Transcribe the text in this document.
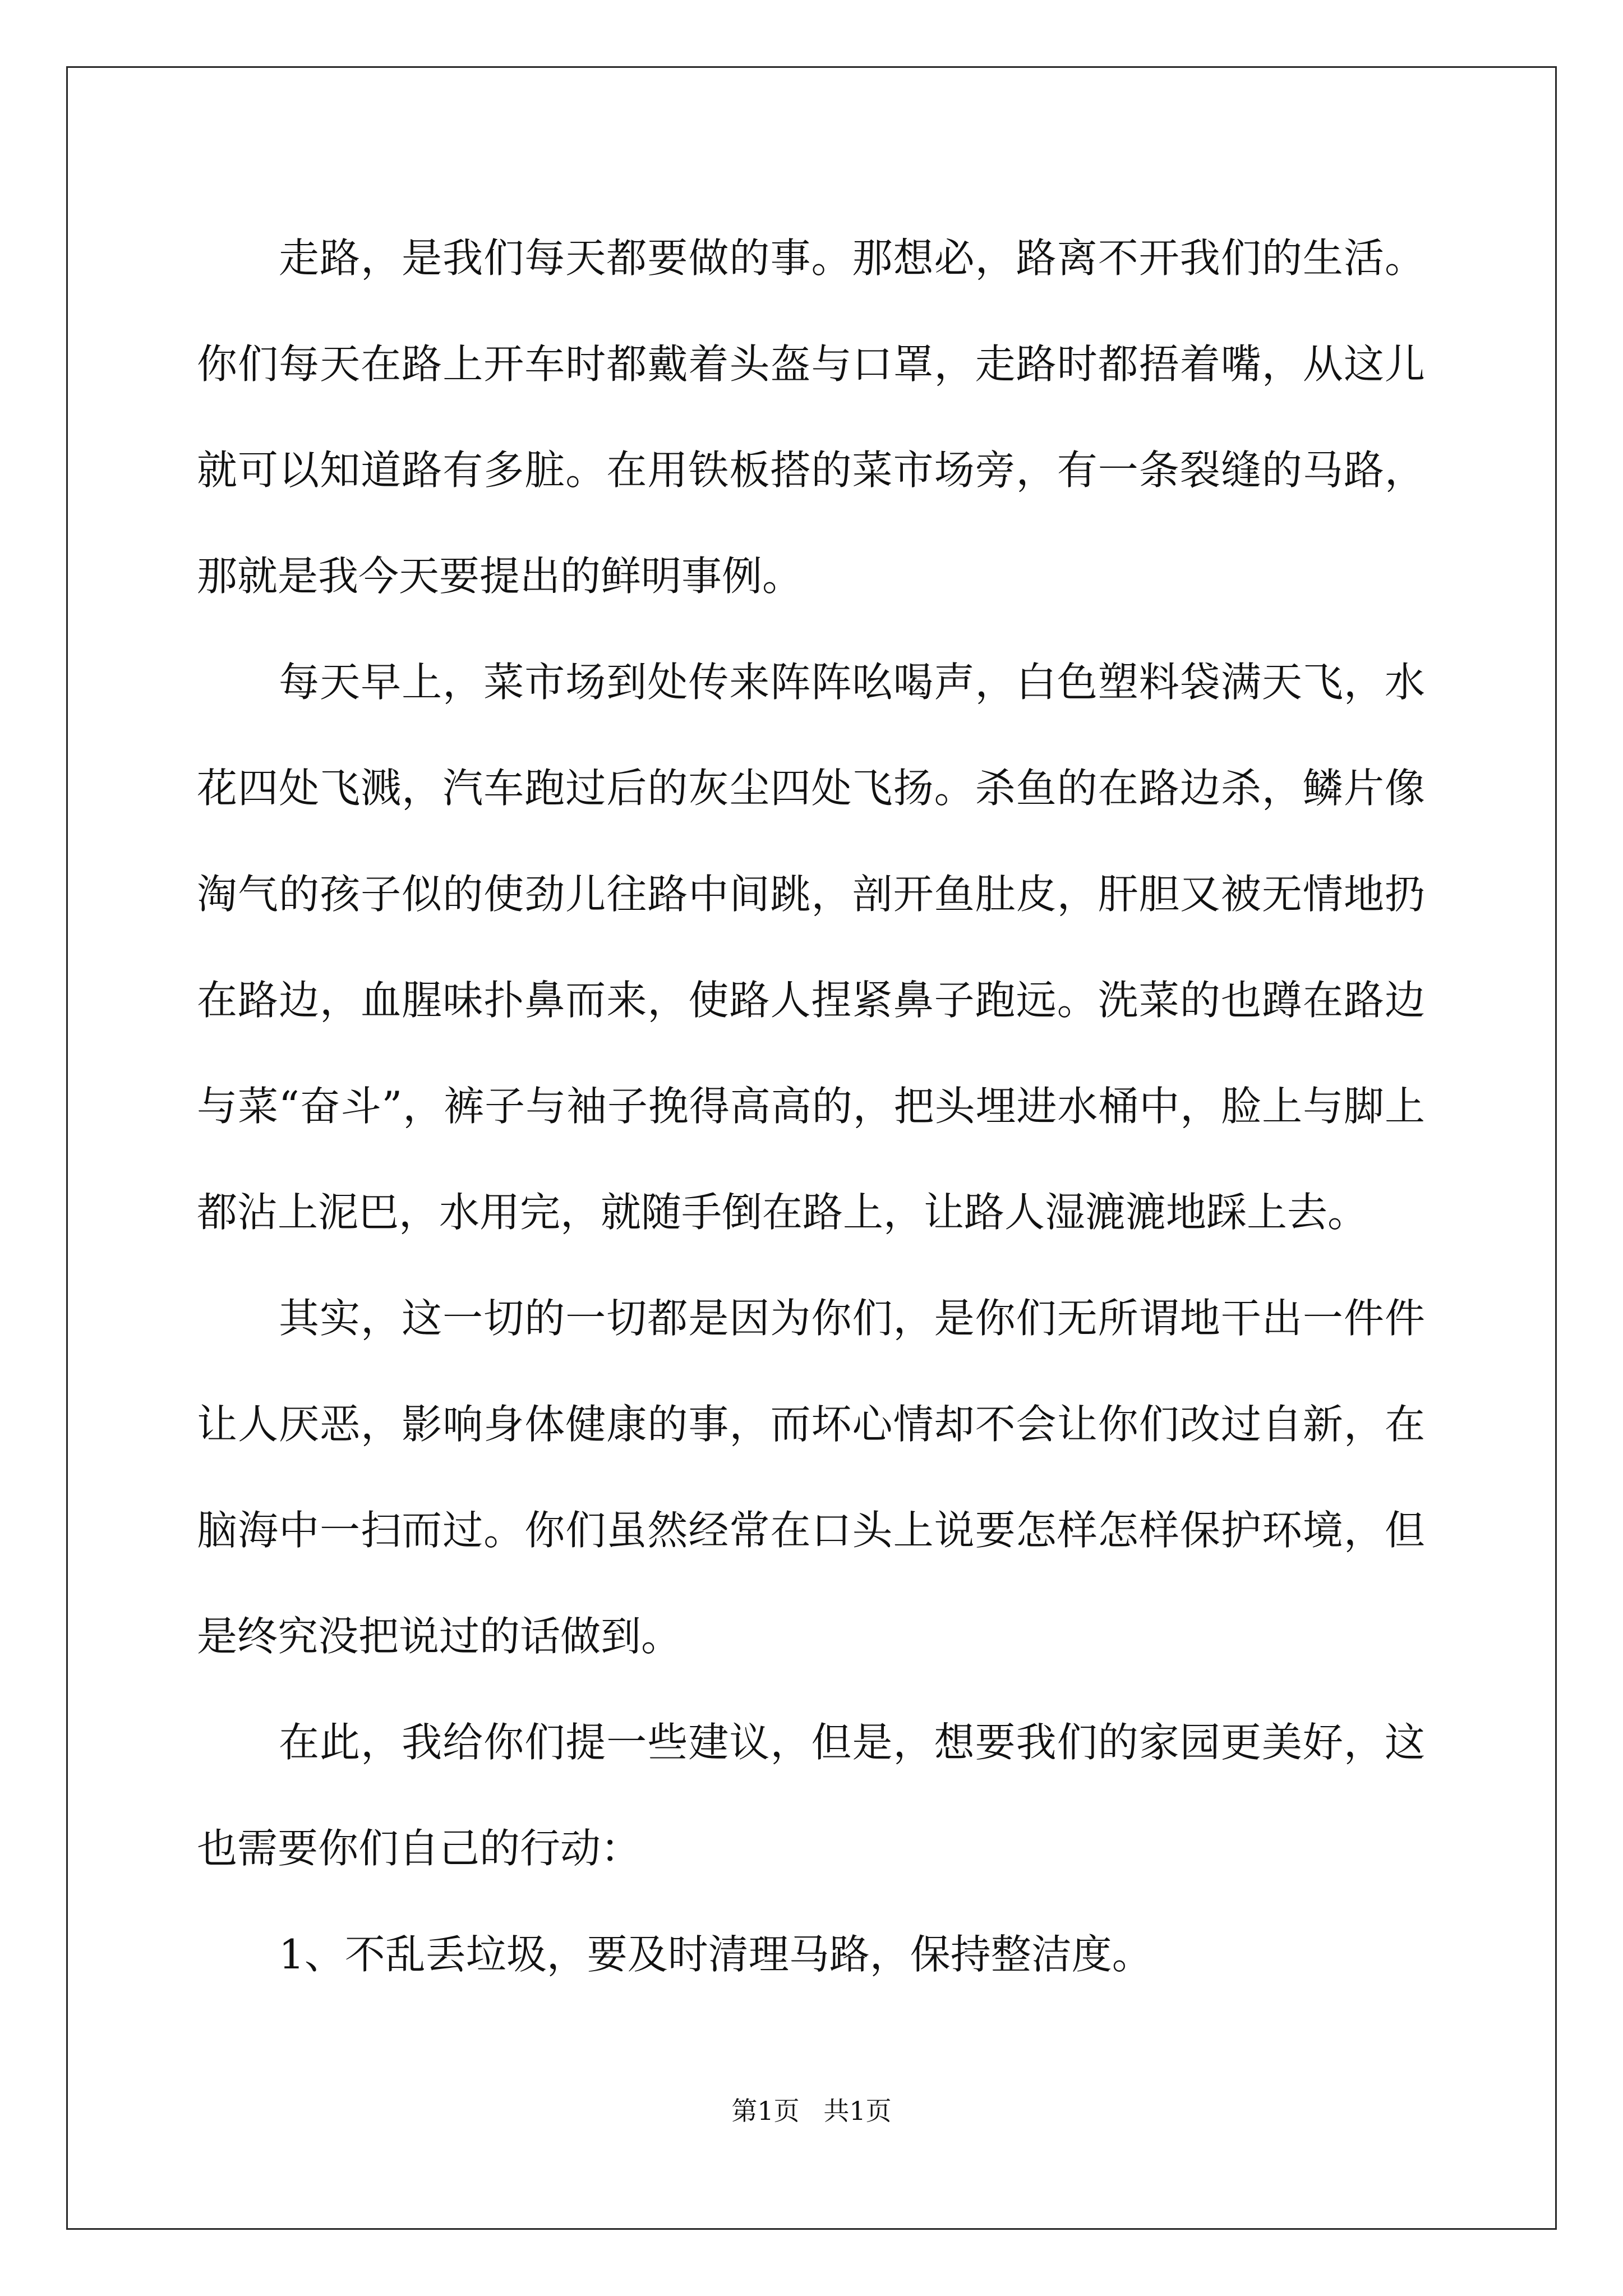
走路，是我们每天都要做的事。那想必，路离不开我们的生活。你们每天在路上开车时都戴着头盔与口罩，走路时都捂着嘴，从这儿就可以知道路有多脏。在用铁板搭的菜市场旁，有一条裂缝的马路，那就是我今天要提出的鲜明事例。

每天早上，菜市场到处传来阵阵吆喝声，白色塑料袋满天飞，水花四处飞溅，汽车跑过后的灰尘四处飞扬。杀鱼的在路边杀，鳞片像淘气的孩子似的使劲儿往路中间跳，剖开鱼肚皮，肝胆又被无情地扔在路边，血腥味扑鼻而来，使路人捏紧鼻子跑远。洗菜的也蹲在路边与菜“奋斗”，裤子与袖子挽得高高的，把头埋进水桶中，脸上与脚上都沾上泥巴，水用完，就随手倒在路上，让路人湿漉漉地踩上去。

其实，这一切的一切都是因为你们，是你们无所谓地干出一件件让人厌恶，影响身体健康的事，而坏心情却不会让你们改过自新，在脑海中一扫而过。你们虽然经常在口头上说要怎样怎样保护环境，但是终究没把说过的话做到。

在此，我给你们提一些建议，但是，想要我们的家园更美好，这也需要你们自己的行动：

1、不乱丢垃圾，要及时清理马路，保持整洁度。

第1页 共1页
